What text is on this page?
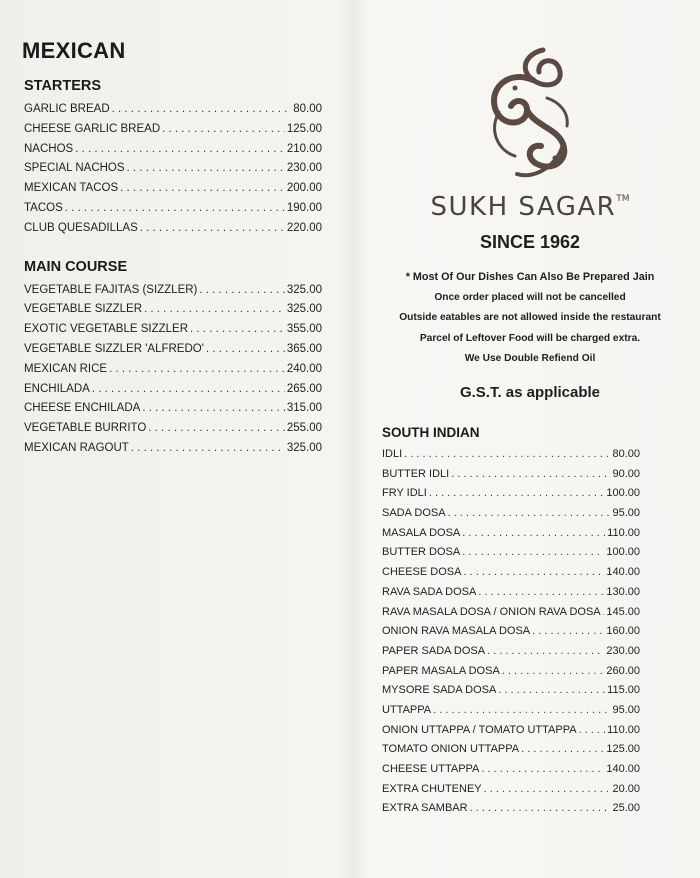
MEXICAN
STARTERS
GARLIC BREAD . . .	80.00
CHEESE GARLIC BREAD . . .	125.00
NACHOS . . .	210.00
SPECIAL NACHOS . . .	230.00
MEXICAN TACOS . . .	200.00
TACOS . . .	190.00
CLUB QUESADILLAS . . .	220.00
MAIN COURSE
VEGETABLE FAJITAS (SIZZLER) . . .	325.00
VEGETABLE SIZZLER . . .	325.00
EXOTIC VEGETABLE SIZZLER . . .	355.00
VEGETABLE SIZZLER 'ALFREDO' . . .	365.00
MEXICAN RICE . . .	240.00
ENCHILADA . . .	265.00
CHEESE ENCHILADA . . .	315.00
VEGETABLE BURRITO . . .	255.00
MEXICAN RAGOUT . . .	325.00
SUKH SAGAR™
SINCE 1962
* Most Of Our Dishes Can Also Be Prepared Jain
Once order placed will not be cancelled
Outside eatables are not allowed inside the restaurant
Parcel of Leftover Food will be charged extra.
We Use Double Refiend Oil
G.S.T. as applicable
SOUTH INDIAN
IDLI . . .	80.00
BUTTER IDLI . . .	90.00
FRY IDLI . . .	100.00
SADA DOSA . . .	95.00
MASALA DOSA . . .	110.00
BUTTER DOSA . . .	100.00
CHEESE DOSA . . .	140.00
RAVA SADA DOSA . . .	130.00
RAVA MASALA DOSA / ONION RAVA DOSA . . . 145.00
ONION RAVA MASALA DOSA . . .	160.00
PAPER SADA DOSA . . .	230.00
PAPER MASALA DOSA . . .	260.00
MYSORE SADA DOSA . . .	115.00
UTTAPPA . . .	95.00
ONION UTTAPPA / TOMATO UTTAPPA . . .	110.00
TOMATO ONION UTTAPPA . . .	125.00
CHEESE UTTAPPA . . .	140.00
EXTRA CHUTENEY . . .	20.00
EXTRA SAMBAR . . .	25.00
